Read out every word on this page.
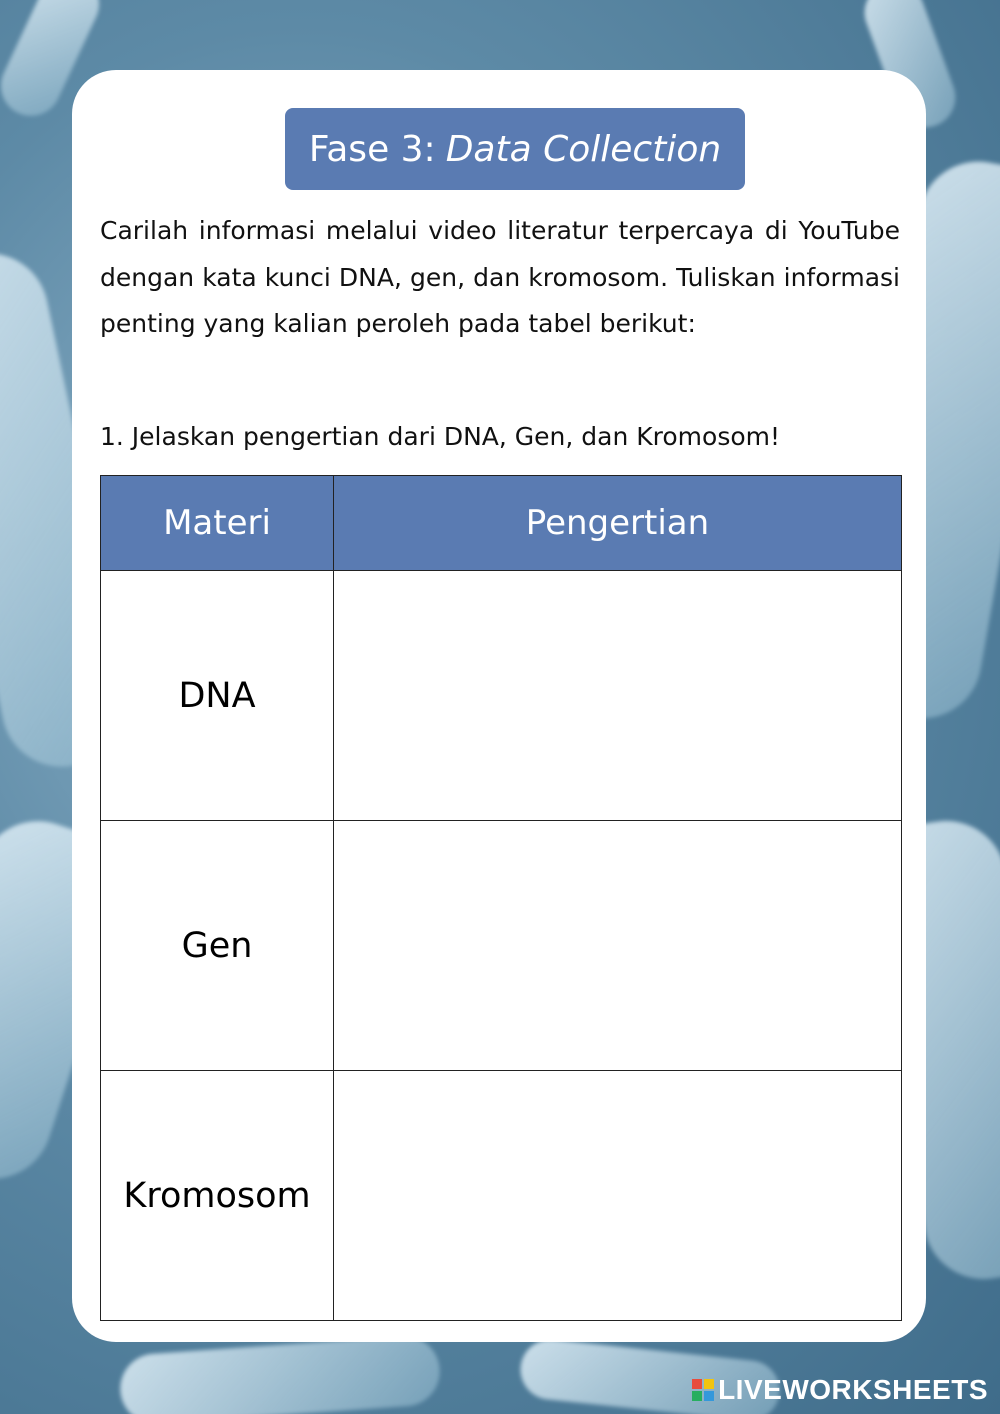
Fase 3: Data Collection
Carilah informasi melalui video literatur terpercaya di YouTube dengan kata kunci DNA, gen, dan kromosom. Tuliskan informasi penting yang kalian peroleh pada tabel berikut:
1. Jelaskan pengertian dari DNA, Gen, dan Kromosom!
Materi	Pengertian
DNA	
Gen	
Kromosom	
LIVEWORKSHEETS
